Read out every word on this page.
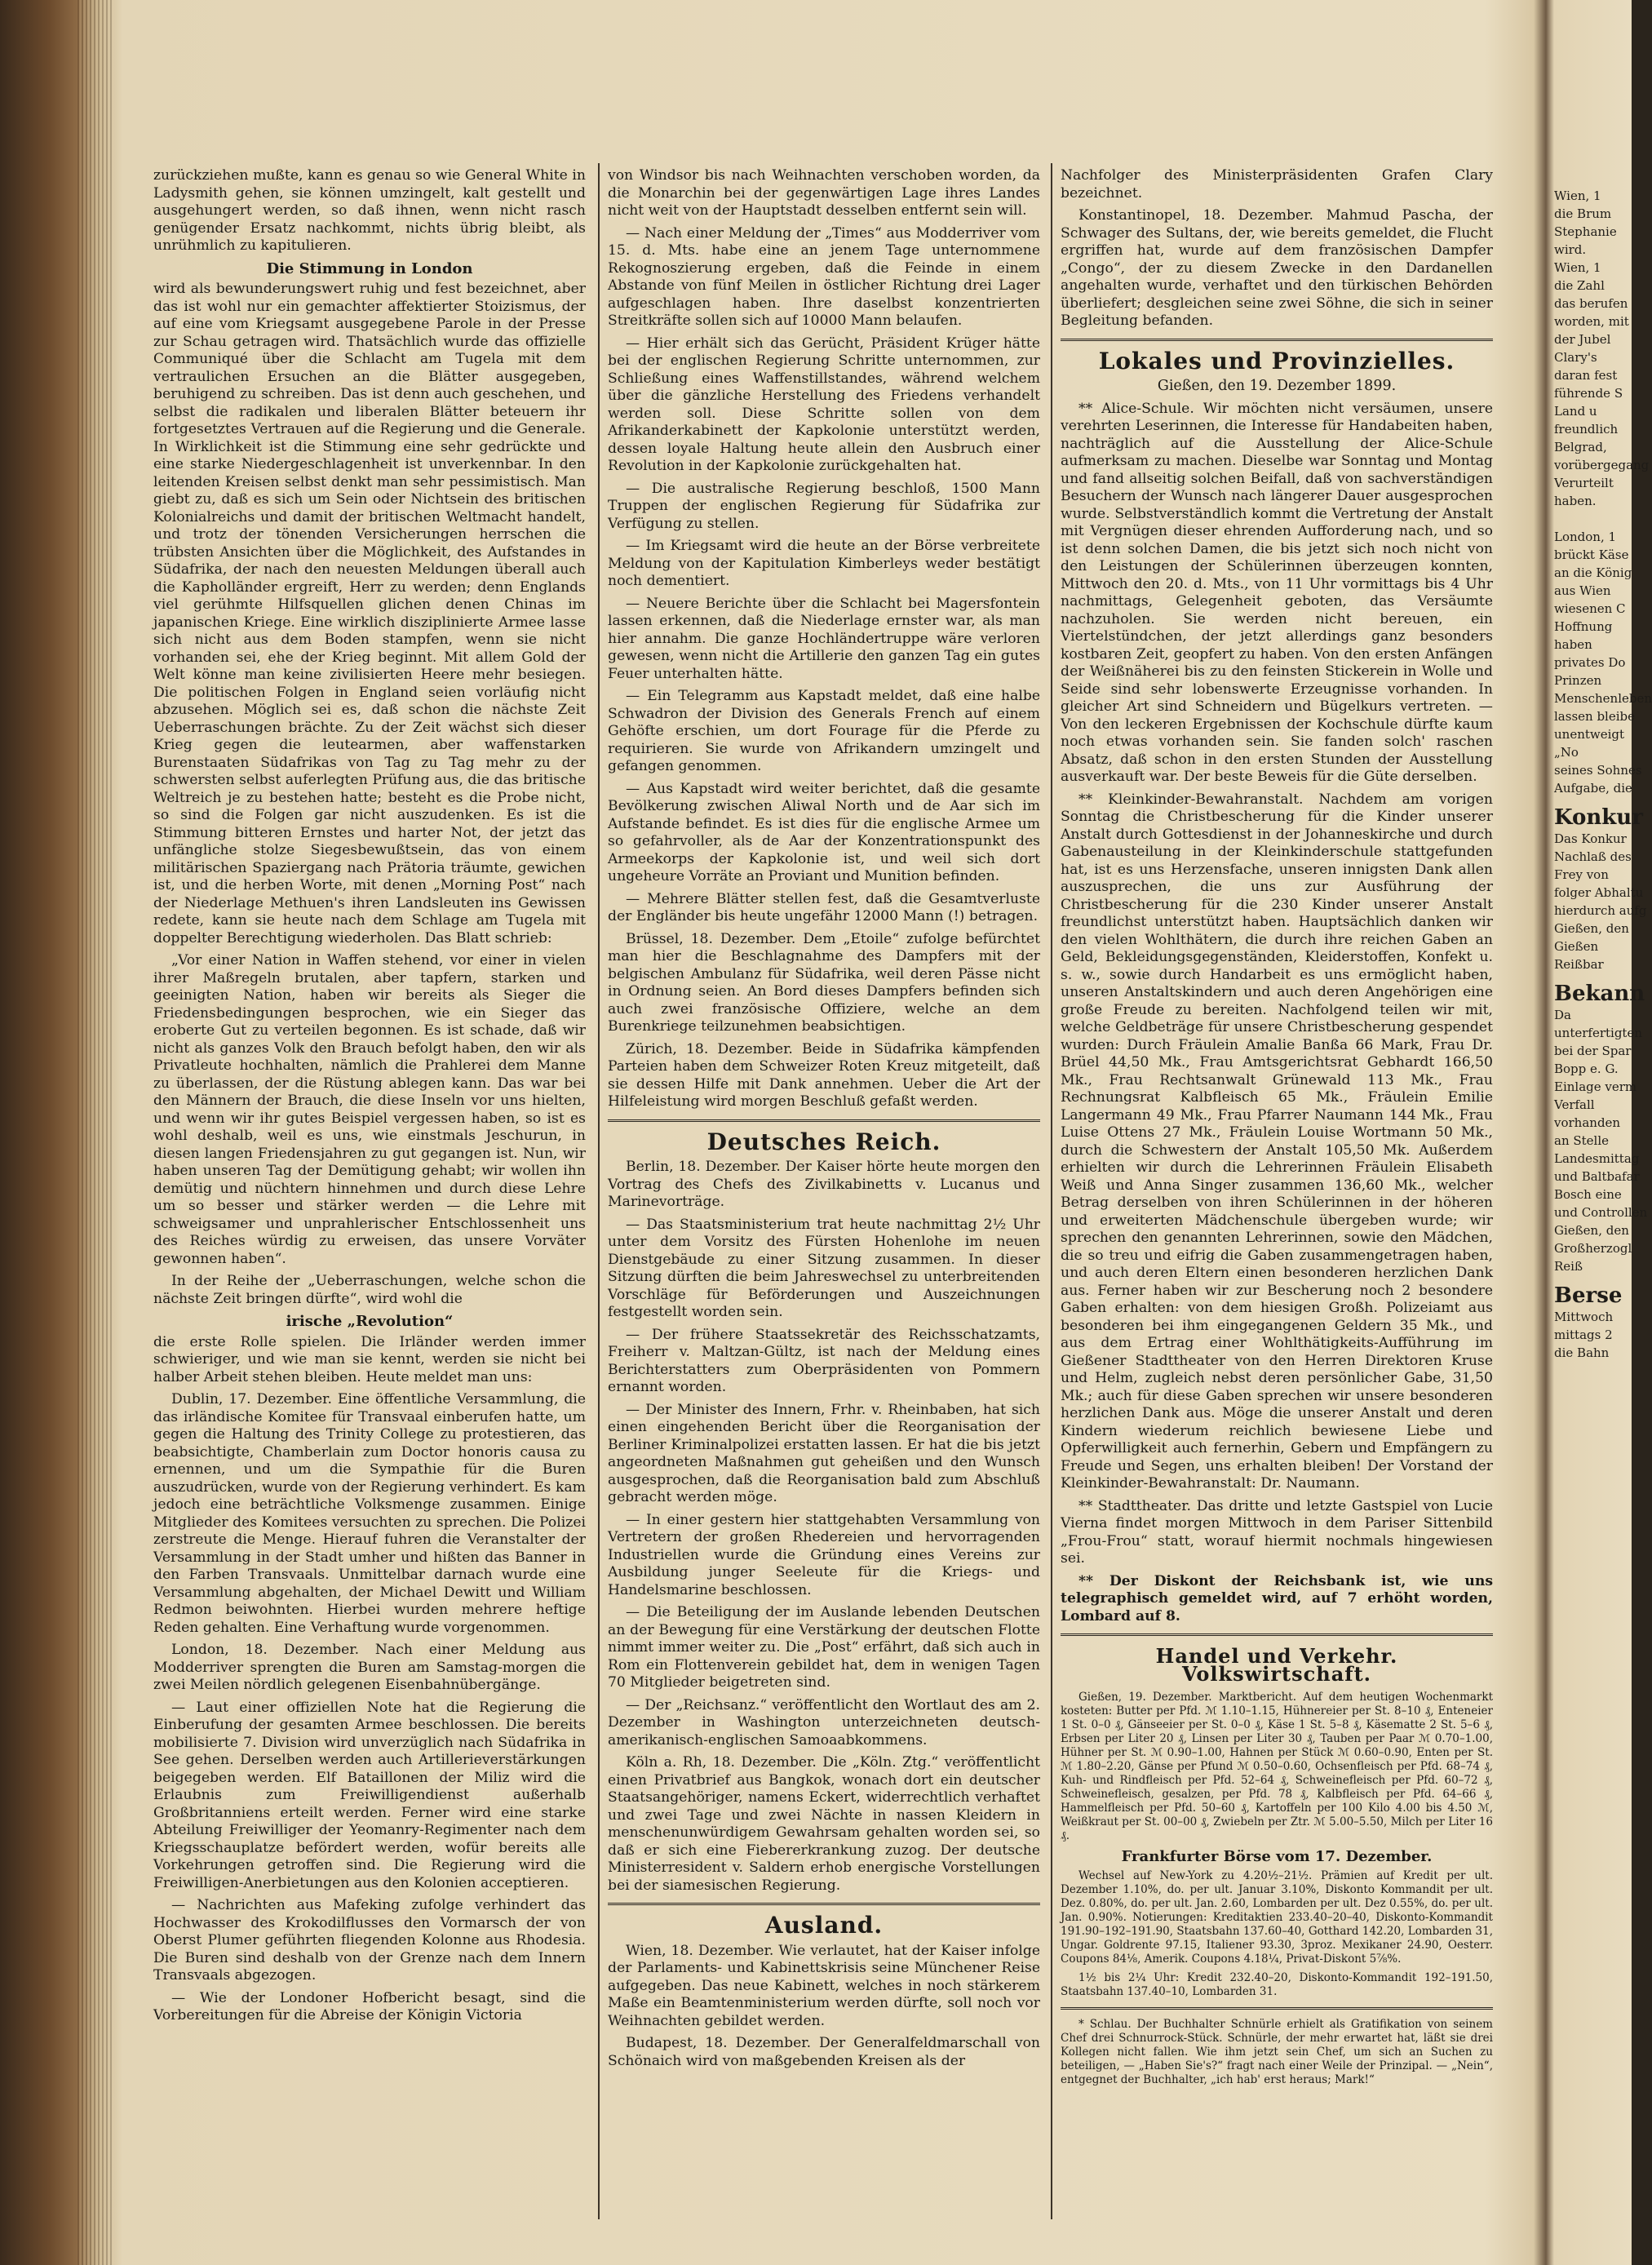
zurückziehen mußte, kann es genau so wie General White in Ladysmith gehen, sie können umzingelt, kalt gestellt und ausgehungert werden, so daß ihnen, wenn nicht rasch genügender Ersatz nachkommt, nichts übrig bleibt, als unrühmlich zu kapitulieren.

Die Stimmung in London

wird als bewunderungswert ruhig und fest bezeichnet, aber das ist wohl nur ein gemachter affektierter Stoizismus, der auf eine vom Kriegsamt ausgegebene Parole in der Presse zur Schau getragen wird. Thatsächlich wurde das offizielle Communiqué über die Schlacht am Tugela mit dem vertraulichen Ersuchen an die Blätter ausgegeben, beruhigend zu schreiben. Das ist denn auch geschehen, und selbst die radikalen und liberalen Blätter beteuern ihr fortgesetztes Vertrauen auf die Regierung und die Generale. In Wirklichkeit ist die Stimmung eine sehr gedrückte und eine starke Niedergeschlagenheit ist unverkennbar. In den leitenden Kreisen selbst denkt man sehr pessimistisch. Man giebt zu, daß es sich um Sein oder Nichtsein des britischen Kolonialreichs und damit der britischen Weltmacht handelt, und trotz der tönenden Versicherungen herrschen die trübsten Ansichten über die Möglichkeit, des Aufstandes in Südafrika, der nach den neuesten Meldungen überall auch die Kapholländer ergreift, Herr zu werden; denn Englands viel gerühmte Hilfsquellen glichen denen Chinas im japanischen Kriege. Eine wirklich disziplinierte Armee lasse sich nicht aus dem Boden stampfen, wenn sie nicht vorhanden sei, ehe der Krieg beginnt. Mit allem Gold der Welt könne man keine zivilisierten Heere mehr besiegen. Die politischen Folgen in England seien vorläufig nicht abzusehen. Möglich sei es, daß schon die nächste Zeit Ueberraschungen brächte. Zu der Zeit wächst sich dieser Krieg gegen die leutearmen, aber waffenstarken Burenstaaten Südafrikas von Tag zu Tag mehr zu der schwersten selbst auferlegten Prüfung aus, die das britische Weltreich je zu bestehen hatte; besteht es die Probe nicht, so sind die Folgen gar nicht auszudenken. Es ist die Stimmung bitteren Ernstes und harter Not, der jetzt das unfängliche stolze Siegesbewußtsein, das von einem militärischen Spaziergang nach Prätoria träumte, gewichen ist, und die herben Worte, mit denen „Morning Post“ nach der Niederlage Methuen's ihren Landsleuten ins Gewissen redete, kann sie heute nach dem Schlage am Tugela mit doppelter Berechtigung wiederholen. Das Blatt schrieb:

„Vor einer Nation in Waffen stehend, vor einer in vielen ihrer Maßregeln brutalen, aber tapfern, starken und geeinigten Nation, haben wir bereits als Sieger die Friedensbedingungen besprochen, wie ein Sieger das eroberte Gut zu verteilen begonnen. Es ist schade, daß wir nicht als ganzes Volk den Brauch befolgt haben, den wir als Privatleute hochhalten, nämlich die Prahlerei dem Manne zu überlassen, der die Rüstung ablegen kann. Das war bei den Männern der Brauch, die diese Inseln vor uns hielten, und wenn wir ihr gutes Beispiel vergessen haben, so ist es wohl deshalb, weil es uns, wie einstmals Jeschurun, in diesen langen Friedensjahren zu gut gegangen ist. Nun, wir haben unseren Tag der Demütigung gehabt; wir wollen ihn demütig und nüchtern hinnehmen und durch diese Lehre um so besser und stärker werden — die Lehre mit schweigsamer und unprahlerischer Entschlossenheit uns des Reiches würdig zu erweisen, das unsere Vorväter gewonnen haben“.

In der Reihe der „Ueberraschungen, welche schon die nächste Zeit bringen dürfte“, wird wohl die

irische „Revolution“

die erste Rolle spielen. Die Irländer werden immer schwieriger, und wie man sie kennt, werden sie nicht bei halber Arbeit stehen bleiben. Heute meldet man uns:

Dublin, 17. Dezember. Eine öffentliche Versammlung, die das irländische Komitee für Transvaal einberufen hatte, um gegen die Haltung des Trinity College zu protestieren, das beabsichtigte, Chamberlain zum Doctor honoris causa zu ernennen, und um die Sympathie für die Buren auszudrücken, wurde von der Regierung verhindert. Es kam jedoch eine beträchtliche Volksmenge zusammen. Einige Mitglieder des Komitees versuchten zu sprechen. Die Polizei zerstreute die Menge. Hierauf fuhren die Veranstalter der Versammlung in der Stadt umher und hißten das Banner in den Farben Transvaals. Unmittelbar darnach wurde eine Versammlung abgehalten, der Michael Dewitt und William Redmon beiwohnten. Hierbei wurden mehrere heftige Reden gehalten. Eine Verhaftung wurde vorgenommen.

London, 18. Dezember. Nach einer Meldung aus Modderriver sprengten die Buren am Samstag-morgen die zwei Meilen nördlich gelegenen Eisenbahnübergänge.

— Laut einer offiziellen Note hat die Regierung die Einberufung der gesamten Armee beschlossen. Die bereits mobilisierte 7. Division wird unverzüglich nach Südafrika in See gehen. Derselben werden auch Artillerieverstärkungen beigegeben werden. Elf Bataillonen der Miliz wird die Erlaubnis zum Freiwilligendienst außerhalb Großbritanniens erteilt werden. Ferner wird eine starke Abteilung Freiwilliger der Yeomanry-Regimenter nach dem Kriegsschauplatze befördert werden, wofür bereits alle Vorkehrungen getroffen sind. Die Regierung wird die Freiwilligen-Anerbietungen aus den Kolonien acceptieren.

— Nachrichten aus Mafeking zufolge verhindert das Hochwasser des Krokodilflusses den Vormarsch der von Oberst Plumer geführten fliegenden Kolonne aus Rhodesia. Die Buren sind deshalb von der Grenze nach dem Innern Transvaals abgezogen.

— Wie der Londoner Hofbericht besagt, sind die Vorbereitungen für die Abreise der Königin Victoria

von Windsor bis nach Weihnachten verschoben worden, da die Monarchin bei der gegenwärtigen Lage ihres Landes nicht weit von der Hauptstadt desselben entfernt sein will.

— Nach einer Meldung der „Times“ aus Modderriver vom 15. d. Mts. habe eine an jenem Tage unternommene Rekognoszierung ergeben, daß die Feinde in einem Abstande von fünf Meilen in östlicher Richtung drei Lager aufgeschlagen haben. Ihre daselbst konzentrierten Streitkräfte sollen sich auf 10000 Mann belaufen.

— Hier erhält sich das Gerücht, Präsident Krüger hätte bei der englischen Regierung Schritte unternommen, zur Schließung eines Waffenstillstandes, während welchem über die gänzliche Herstellung des Friedens verhandelt werden soll. Diese Schritte sollen von dem Afrikanderkabinett der Kapkolonie unterstützt werden, dessen loyale Haltung heute allein den Ausbruch einer Revolution in der Kapkolonie zurückgehalten hat.

— Die australische Regierung beschloß, 1500 Mann Truppen der englischen Regierung für Südafrika zur Verfügung zu stellen.

— Im Kriegsamt wird die heute an der Börse verbreitete Meldung von der Kapitulation Kimberleys weder bestätigt noch dementiert.

— Neuere Berichte über die Schlacht bei Magersfontein lassen erkennen, daß die Niederlage ernster war, als man hier annahm. Die ganze Hochländertruppe wäre verloren gewesen, wenn nicht die Artillerie den ganzen Tag ein gutes Feuer unterhalten hätte.

— Ein Telegramm aus Kapstadt meldet, daß eine halbe Schwadron der Division des Generals French auf einem Gehöfte erschien, um dort Fourage für die Pferde zu requirieren. Sie wurde von Afrikandern umzingelt und gefangen genommen.

— Aus Kapstadt wird weiter berichtet, daß die gesamte Bevölkerung zwischen Aliwal North und de Aar sich im Aufstande befindet. Es ist dies für die englische Armee um so gefahrvoller, als de Aar der Konzentrationspunkt des Armeekorps der Kapkolonie ist, und weil sich dort ungeheure Vorräte an Proviant und Munition befinden.

— Mehrere Blätter stellen fest, daß die Gesamtverluste der Engländer bis heute ungefähr 12000 Mann (!) betragen.

Brüssel, 18. Dezember. Dem „Etoile“ zufolge befürchtet man hier die Beschlagnahme des Dampfers mit der belgischen Ambulanz für Südafrika, weil deren Pässe nicht in Ordnung seien. An Bord dieses Dampfers befinden sich auch zwei französische Offiziere, welche an dem Burenkriege teilzunehmen beabsichtigen.

Zürich, 18. Dezember. Beide in Südafrika kämpfenden Parteien haben dem Schweizer Roten Kreuz mitgeteilt, daß sie dessen Hilfe mit Dank annehmen. Ueber die Art der Hilfeleistung wird morgen Beschluß gefaßt werden.

Deutsches Reich.

Berlin, 18. Dezember. Der Kaiser hörte heute morgen den Vortrag des Chefs des Zivilkabinetts v. Lucanus und Marinevorträge.

— Das Staatsministerium trat heute nachmittag 2½ Uhr unter dem Vorsitz des Fürsten Hohenlohe im neuen Dienstgebäude zu einer Sitzung zusammen. In dieser Sitzung dürften die beim Jahreswechsel zu unterbreitenden Vorschläge für Beförderungen und Auszeichnungen festgestellt worden sein.

— Der frühere Staatssekretär des Reichsschatzamts, Freiherr v. Maltzan-Gültz, ist nach der Meldung eines Berichterstatters zum Oberpräsidenten von Pommern ernannt worden.

— Der Minister des Innern, Frhr. v. Rheinbaben, hat sich einen eingehenden Bericht über die Reorganisation der Berliner Kriminalpolizei erstatten lassen. Er hat die bis jetzt angeordneten Maßnahmen gut geheißen und den Wunsch ausgesprochen, daß die Reorganisation bald zum Abschluß gebracht werden möge.

— In einer gestern hier stattgehabten Versammlung von Vertretern der großen Rhedereien und hervorragenden Industriellen wurde die Gründung eines Vereins zur Ausbildung junger Seeleute für die Kriegs- und Handelsmarine beschlossen.

— Die Beteiligung der im Auslande lebenden Deutschen an der Bewegung für eine Verstärkung der deutschen Flotte nimmt immer weiter zu. Die „Post“ erfährt, daß sich auch in Rom ein Flottenverein gebildet hat, dem in wenigen Tagen 70 Mitglieder beigetreten sind.

— Der „Reichsanz.“ veröffentlicht den Wortlaut des am 2. Dezember in Washington unterzeichneten deutsch-amerikanisch-englischen Samoaabkommens.

Köln a. Rh, 18. Dezember. Die „Köln. Ztg.“ veröffentlicht einen Privatbrief aus Bangkok, wonach dort ein deutscher Staatsangehöriger, namens Eckert, widerrechtlich verhaftet und zwei Tage und zwei Nächte in nassen Kleidern in menschenunwürdigem Gewahrsam gehalten worden sei, so daß er sich eine Fiebererkrankung zuzog. Der deutsche Ministerresident v. Saldern erhob energische Vorstellungen bei der siamesischen Regierung.

Ausland.

Wien, 18. Dezember. Wie verlautet, hat der Kaiser infolge der Parlaments- und Kabinettskrisis seine Münchener Reise aufgegeben. Das neue Kabinett, welches in noch stärkerem Maße ein Beamtenministerium werden dürfte, soll noch vor Weihnachten gebildet werden.

Budapest, 18. Dezember. Der Generalfeldmarschall von Schönaich wird von maßgebenden Kreisen als der

Nachfolger des Ministerpräsidenten Grafen Clary bezeichnet.

Konstantinopel, 18. Dezember. Mahmud Pascha, der Schwager des Sultans, der, wie bereits gemeldet, die Flucht ergriffen hat, wurde auf dem französischen Dampfer „Congo“, der zu diesem Zwecke in den Dardanellen angehalten wurde, verhaftet und den türkischen Behörden überliefert; desgleichen seine zwei Söhne, die sich in seiner Begleitung befanden.

Lokales und Provinzielles.
Gießen, den 19. Dezember 1899.

** Alice-Schule. Wir möchten nicht versäumen, unsere verehrten Leserinnen, die Interesse für Handabeiten haben, nachträglich auf die Ausstellung der Alice-Schule aufmerksam zu machen. Dieselbe war Sonntag und Montag und fand allseitig solchen Beifall, daß von sachverständigen Besuchern der Wunsch nach längerer Dauer ausgesprochen wurde. Selbstverständlich kommt die Vertretung der Anstalt mit Vergnügen dieser ehrenden Aufforderung nach, und so ist denn solchen Damen, die bis jetzt sich noch nicht von den Leistungen der Schülerinnen überzeugen konnten, Mittwoch den 20. d. Mts., von 11 Uhr vormittags bis 4 Uhr nachmittags, Gelegenheit geboten, das Versäumte nachzuholen. Sie werden nicht bereuen, ein Viertelstündchen, der jetzt allerdings ganz besonders kostbaren Zeit, geopfert zu haben. Von den ersten Anfängen der Weißnäherei bis zu den feinsten Stickerein in Wolle und Seide sind sehr lobenswerte Erzeugnisse vorhanden. In gleicher Art sind Schneidern und Bügelkurs vertreten. — Von den leckeren Ergebnissen der Kochschule dürfte kaum noch etwas vorhanden sein. Sie fanden solch' raschen Absatz, daß schon in den ersten Stunden der Ausstellung ausverkauft war. Der beste Beweis für die Güte derselben.

** Kleinkinder-Bewahranstalt. Nachdem am vorigen Sonntag die Christbescherung für die Kinder unserer Anstalt durch Gottesdienst in der Johanneskirche und durch Gabenausteilung in der Kleinkinderschule stattgefunden hat, ist es uns Herzensfache, unseren innigsten Dank allen auszusprechen, die uns zur Ausführung der Christbescherung für die 230 Kinder unserer Anstalt freundlichst unterstützt haben. Hauptsächlich danken wir den vielen Wohlthätern, die durch ihre reichen Gaben an Geld, Bekleidungsgegenständen, Kleiderstoffen, Konfekt u. s. w., sowie durch Handarbeit es uns ermöglicht haben, unseren Anstaltskindern und auch deren Angehörigen eine große Freude zu bereiten. Nachfolgend teilen wir mit, welche Geldbeträge für unsere Christbescherung gespendet wurden: Durch Fräulein Amalie Banßa 66 Mark, Frau Dr. Brüel 44,50 Mk., Frau Amtsgerichtsrat Gebhardt 166,50 Mk., Frau Rechtsanwalt Grünewald 113 Mk., Frau Rechnungsrat Kalbfleisch 65 Mk., Fräulein Emilie Langermann 49 Mk., Frau Pfarrer Naumann 144 Mk., Frau Luise Ottens 27 Mk., Fräulein Louise Wortmann 50 Mk., durch die Schwestern der Anstalt 105,50 Mk. Außerdem erhielten wir durch die Lehrerinnen Fräulein Elisabeth Weiß und Anna Singer zusammen 136,60 Mk., welcher Betrag derselben von ihren Schülerinnen in der höheren und erweiterten Mädchenschule übergeben wurde; wir sprechen den genannten Lehrerinnen, sowie den Mädchen, die so treu und eifrig die Gaben zusammengetragen haben, und auch deren Eltern einen besonderen herzlichen Dank aus. Ferner haben wir zur Bescherung noch 2 besondere Gaben erhalten: von dem hiesigen Großh. Polizeiamt aus besonderen bei ihm eingegangenen Geldern 35 Mk., und aus dem Ertrag einer Wohlthätigkeits-Aufführung im Gießener Stadttheater von den Herren Direktoren Kruse und Helm, zugleich nebst deren persönlicher Gabe, 31,50 Mk.; auch für diese Gaben sprechen wir unsere besonderen herzlichen Dank aus. Möge die unserer Anstalt und deren Kindern wiederum reichlich bewiesene Liebe und Opferwilligkeit auch fernerhin, Gebern und Empfängern zu Freude und Segen, uns erhalten bleiben! Der Vorstand der Kleinkinder-Bewahranstalt: Dr. Naumann.

** Stadttheater. Das dritte und letzte Gastspiel von Lucie Vierna findet morgen Mittwoch in dem Pariser Sittenbild „Frou-Frou“ statt, worauf hiermit nochmals hingewiesen sei.

** Der Diskont der Reichsbank ist, wie uns telegraphisch gemeldet wird, auf 7 erhöht worden, Lombard auf 8.

Handel und Verkehr. Volkswirtschaft.

Gießen, 19. Dezember. Marktbericht. Auf dem heutigen Wochenmarkt kosteten: Butter per Pfd. ℳ 1.10–1.15, Hühnereier per St. 8–10 ₰, Enteneier 1 St. 0–0 ₰, Gänseeier per St. 0–0 ₰, Käse 1 St. 5–8 ₰, Käsematte 2 St. 5–6 ₰, Erbsen per Liter 20 ₰, Linsen per Liter 30 ₰, Tauben per Paar ℳ 0.70–1.00, Hühner per St. ℳ 0.90–1.00, Hahnen per Stück ℳ 0.60–0.90, Enten per St. ℳ 1.80–2.20, Gänse per Pfund ℳ 0.50–0.60, Ochsenfleisch per Pfd. 68–74 ₰, Kuh- und Rindfleisch per Pfd. 52–64 ₰, Schweinefleisch per Pfd. 60–72 ₰, Schweinefleisch, gesalzen, per Pfd. 78 ₰, Kalbfleisch per Pfd. 64–66 ₰, Hammelfleisch per Pfd. 50–60 ₰, Kartoffeln per 100 Kilo 4.00 bis 4.50 ℳ, Weißkraut per St. 00–00 ₰, Zwiebeln per Ztr. ℳ 5.00–5.50, Milch per Liter 16 ₰.

Frankfurter Börse vom 17. Dezember.

Wechsel auf New-York zu 4.20½–21½. Prämien auf Kredit per ult. Dezember 1.10%, do. per ult. Januar 3.10%, Diskonto Kommandit per ult. Dez. 0.80%, do. per ult. Jan. 2.60, Lombarden per ult. Dez 0.55%, do. per ult. Jan. 0.90%. Notierungen: Kreditaktien 233.40–20–40, Diskonto-Kommandit 191.90–192–191.90, Staatsbahn 137.60–40, Gotthard 142.20, Lombarden 31, Ungar. Goldrente 97.15, Italiener 93.30, 3proz. Mexikaner 24.90, Oesterr. Coupons 84⅛, Amerik. Coupons 4.18¼, Privat-Diskont 5⅞%.

1½ bis 2¼ Uhr: Kredit 232.40–20, Diskonto-Kommandit 192–191.50, Staatsbahn 137.40–10, Lombarden 31.

* Schlau. Der Buchhalter Schnürle erhielt als Gratifikation von seinem Chef drei Schnurrock-Stück. Schnürle, der mehr erwartet hat, läßt sie drei Kollegen nicht fallen. Wie ihm jetzt sein Chef, um sich an Suchen zu beteiligen, — „Haben Sie's?“ fragt nach einer Weile der Prinzipal. — „Nein“, entgegnet der Buchhalter, „ich hab' erst heraus; Mark!“

Wien, 1
die Brum
Stephanie
wird.
Wien, 1
die Zahl
das berufen
worden, mit
der Jubel
Clary's
daran fest
führende S
Land u
freundlich
Belgrad,
vorübergegang
Verurteilt
haben.

London, 1
brückt Käse
an die König
aus Wien
wiesenen C
Hoffnung
haben
privates Do
Prinzen
Menschenleben
lassen bleibe
unentweigt
„No
seines Sohnes
Aufgabe, die
Konkur
Das Konkur
Nachlaß des
Frey von
folger Abhaltu
hierdurch aufg
Gießen, den
Gießen
Reißbar
Bekann
Da
unterfertigten
bei der Spar
Bopp e. G.
Einlage verm
Verfall
vorhanden
an Stelle
Landesmittag
und Baltbafar
Bosch eine
und Controllen
Gießen, den
Großherzogl
Reiß
Berse
Mittwoch
mittags 2
die Bahn
